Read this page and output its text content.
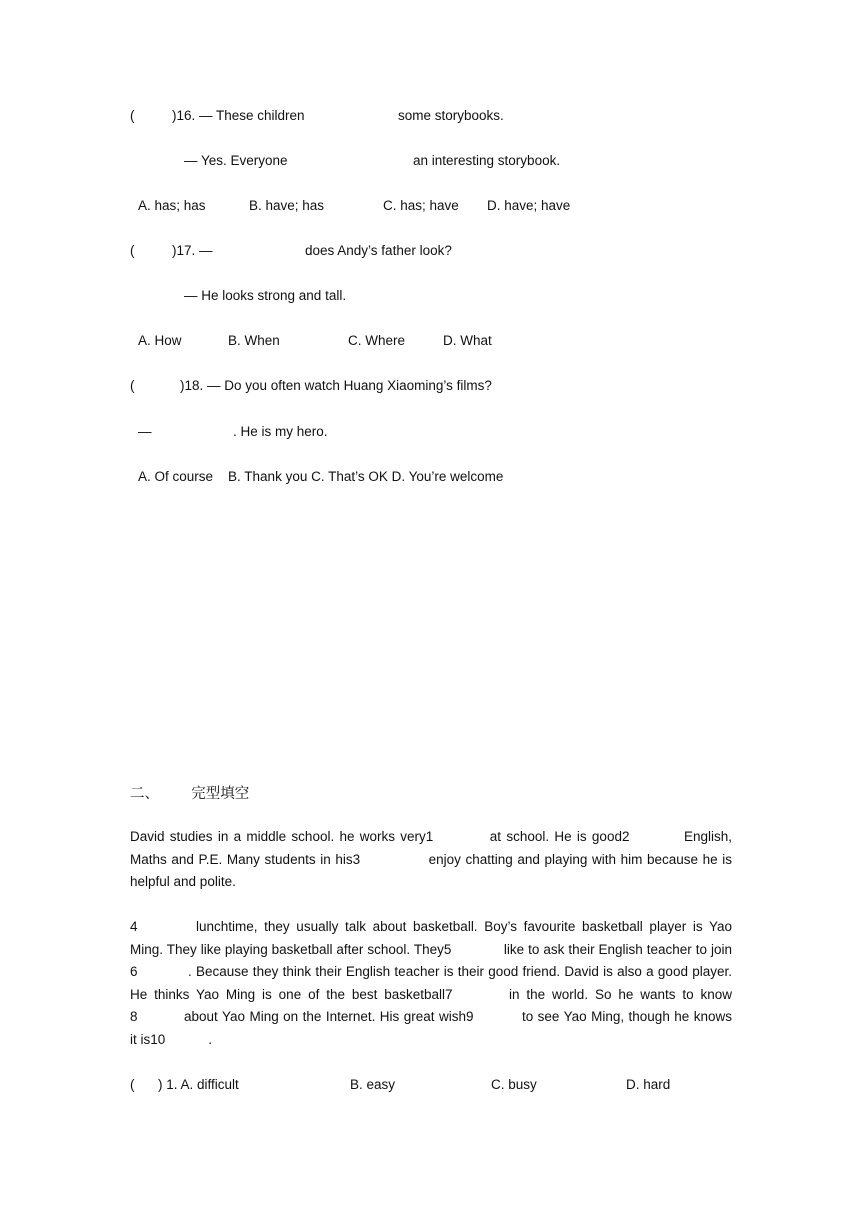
(	)16. — These children	some storybooks.
— Yes. Everyone	an interesting storybook.
A. has; has	B. have; has	C. has; have D. have; have
(	)17. —	does Andy’s father look?
— He looks strong and tall.
A. How	B. When	C. Where	D. What
(	)18. — Do you often watch Huang Xiaoming’s films?
—	. He is my hero.
A. Of course    B. Thank you C. That’s OK D. You’re welcome
二、 完型填空
David studies in a middle school. he works very1	at school. He is good2	English, Maths and P.E. Many students in his3	enjoy chatting and playing with him because he is helpful and polite.
4	lunchtime, they usually talk about basketball. Boy’s favourite basketball player is Yao Ming. They like playing basketball after school. They5	like to ask their English teacher to join6	. Because they think their English teacher is their good friend. David is also a good player. He thinks Yao Ming is one of the best basketball7	in the world. So he wants to know8	about Yao Ming on the Internet. His great wish9	to see Yao Ming, though he knows it is10	.
( ) 1. A. difficult	B. easy	C. busy	D. hard
